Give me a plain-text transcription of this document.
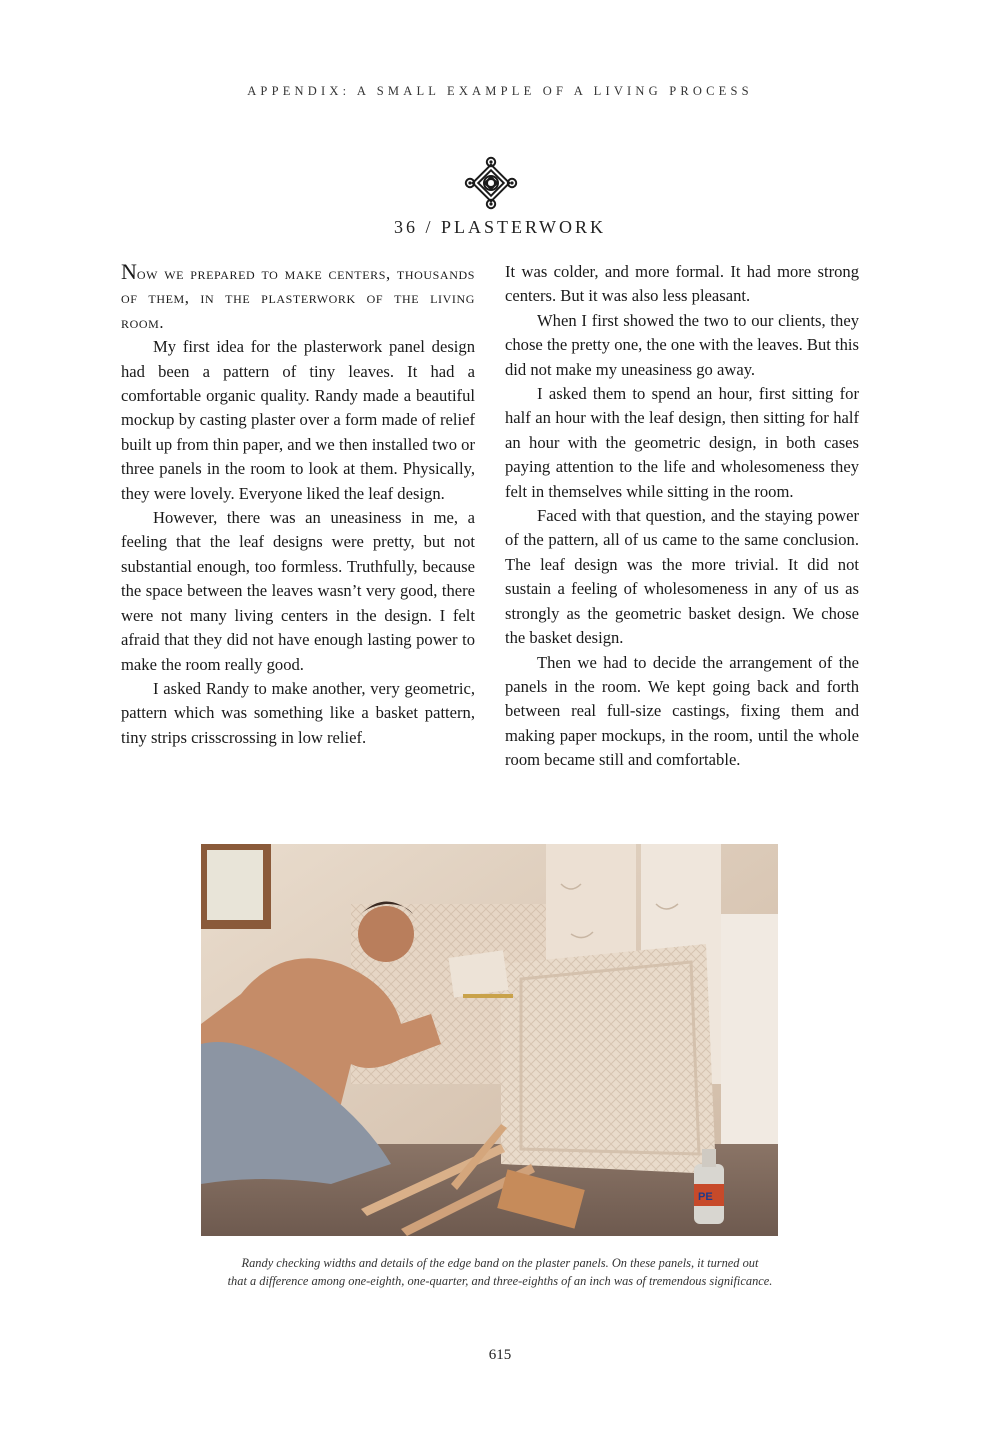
APPENDIX: A SMALL EXAMPLE OF A LIVING PROCESS
36 / PLASTERWORK

Now we prepared to make centers, thousands of them, in the plasterwork of the living room.

My first idea for the plasterwork panel design had been a pattern of tiny leaves. It had a comfortable organic quality. Randy made a beautiful mockup by casting plaster over a form made of relief built up from thin paper, and we then installed two or three panels in the room to look at them. Physically, they were lovely. Everyone liked the leaf design.

However, there was an uneasiness in me, a feeling that the leaf designs were pretty, but not substantial enough, too formless. Truthfully, because the space between the leaves wasn’t very good, there were not many living centers in the design. I felt afraid that they did not have enough lasting power to make the room really good.

I asked Randy to make another, very geometric, pattern which was something like a basket pattern, tiny strips crisscrossing in low relief.

It was colder, and more formal. It had more strong centers. But it was also less pleasant.

When I first showed the two to our clients, they chose the pretty one, the one with the leaves. But this did not make my uneasiness go away.

I asked them to spend an hour, first sitting for half an hour with the leaf design, then sitting for half an hour with the geometric design, in both cases paying attention to the life and wholesomeness they felt in themselves while sitting in the room.

Faced with that question, and the staying power of the pattern, all of us came to the same conclusion. The leaf design was the more trivial. It did not sustain a feeling of wholesomeness in any of us as strongly as the geometric basket design. We chose the basket design.

Then we had to decide the arrangement of the panels in the room. We kept going back and forth between real full-size castings, fixing them and making paper mockups, in the room, until the whole room became still and comfortable.

PE
Randy checking widths and details of the edge band on the plaster panels. On these panels, it turned out
that a difference among one-eighth, one-quarter, and three-eighths of an inch was of tremendous significance.
615
